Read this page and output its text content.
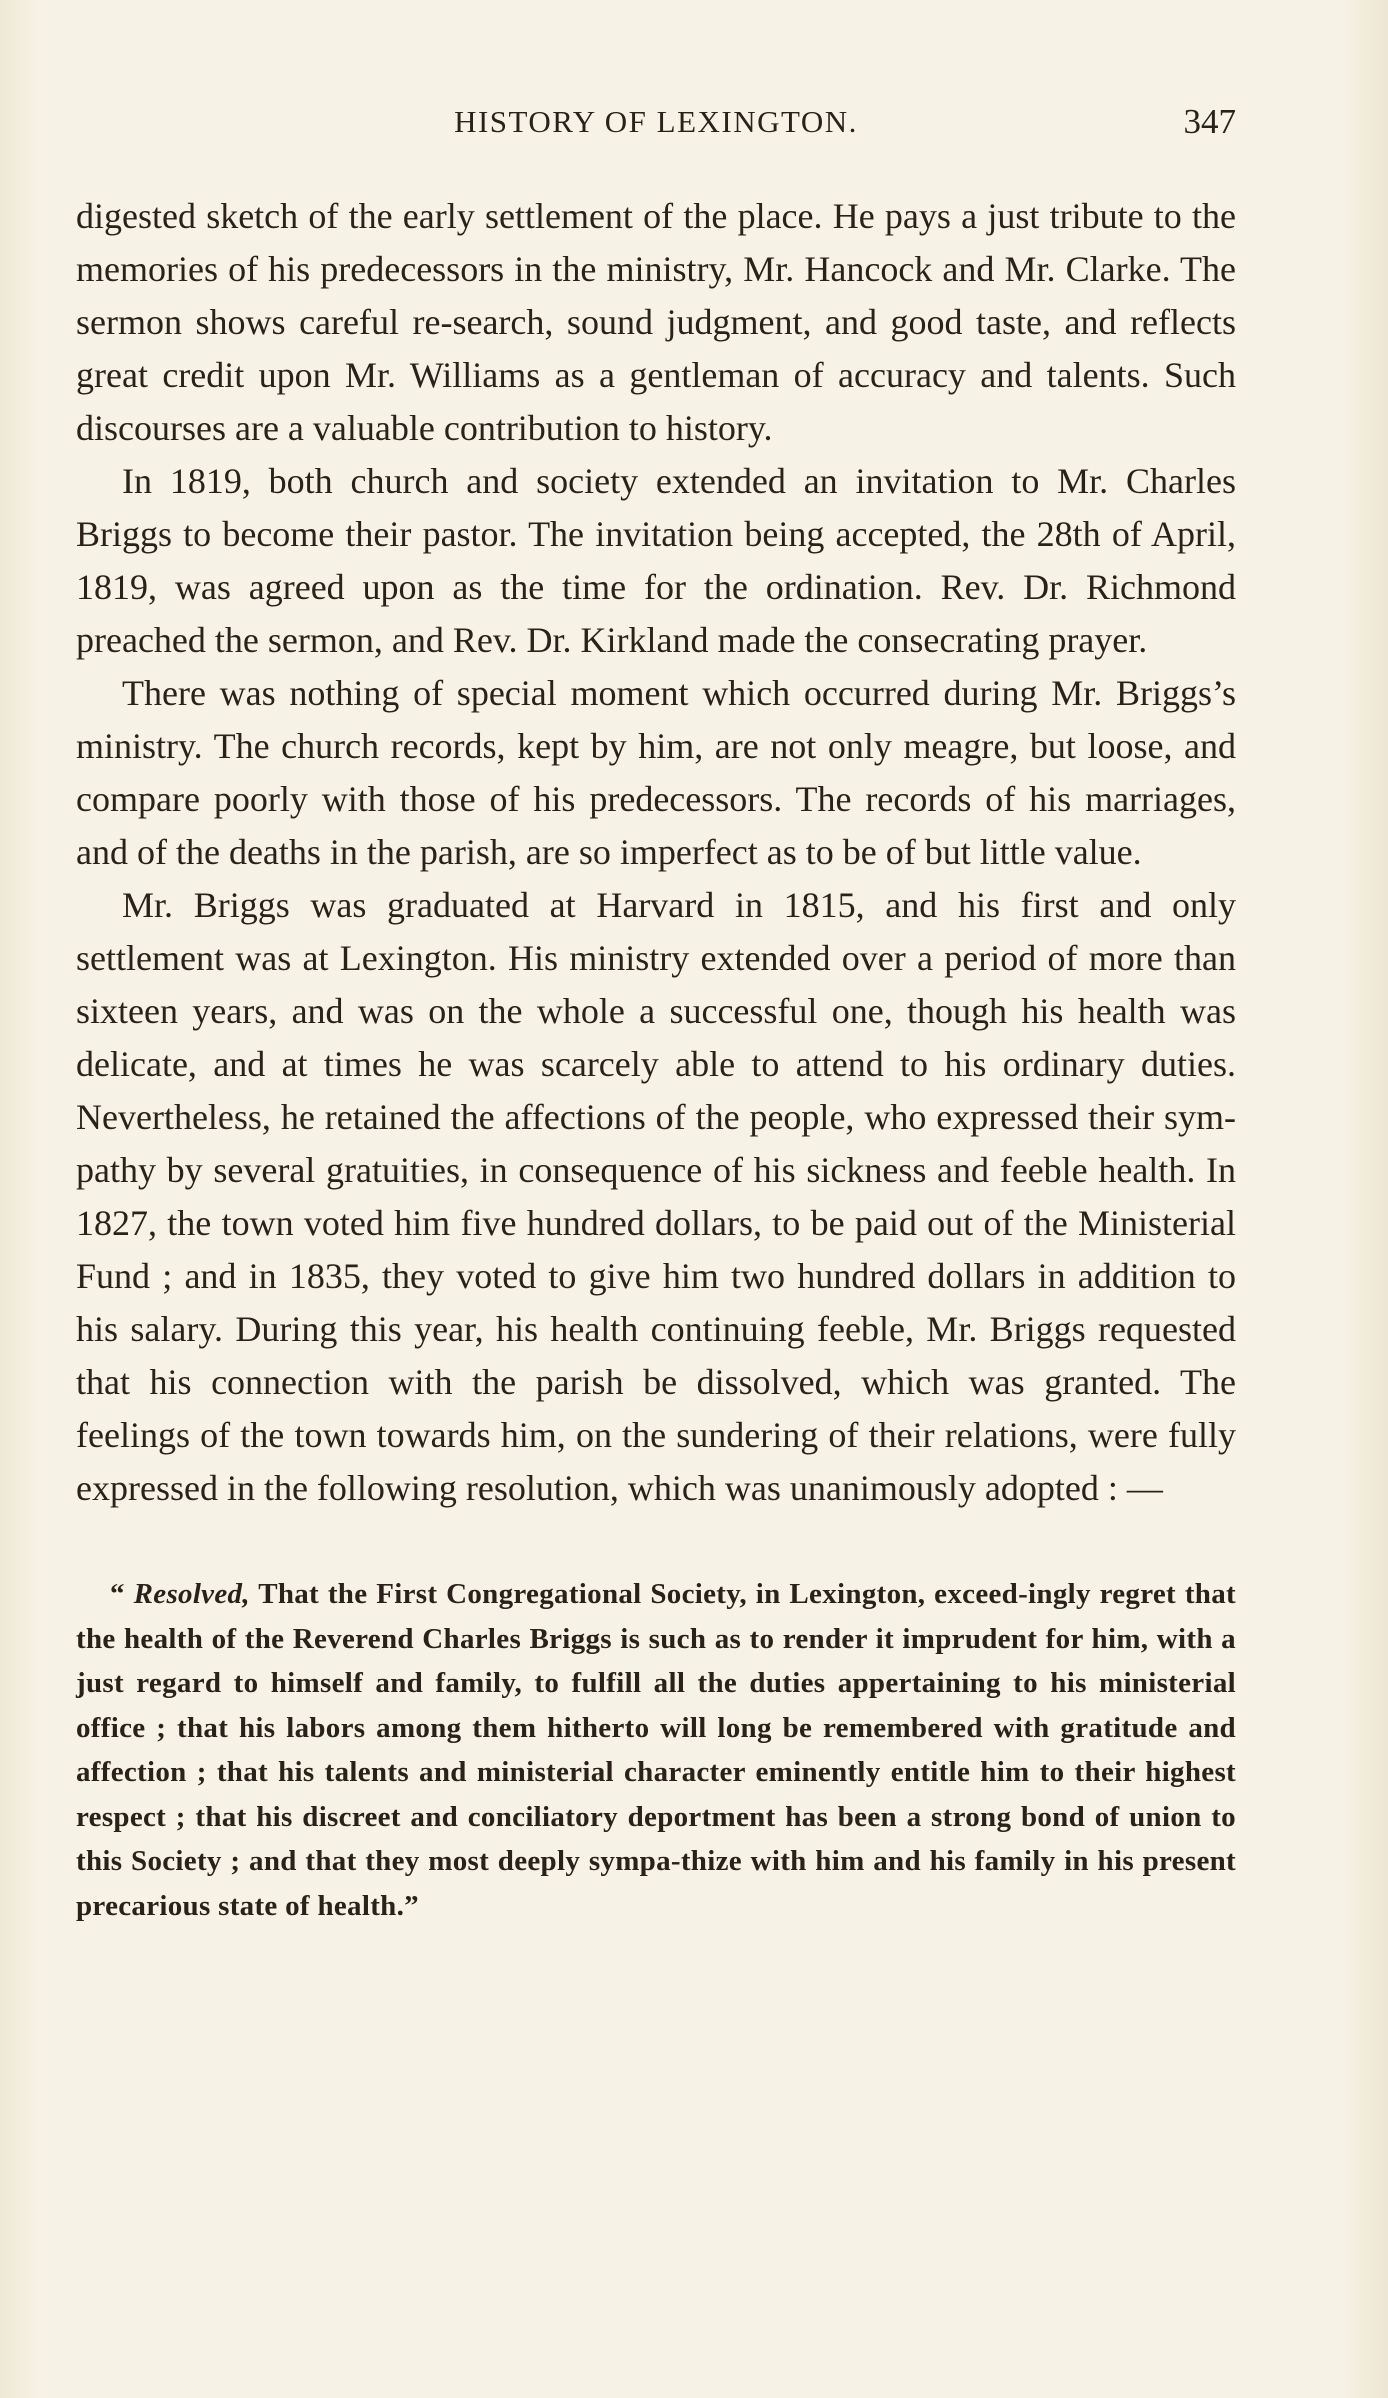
HISTORY OF LEXINGTON.	347

digested sketch of the early settlement of the place. He pays a just tribute to the memories of his predecessors in the ministry, Mr. Hancock and Mr. Clarke. The sermon shows careful re-search, sound judgment, and good taste, and reflects great credit upon Mr. Williams as a gentleman of accuracy and talents. Such discourses are a valuable contribution to history.

In 1819, both church and society extended an invitation to Mr. Charles Briggs to become their pastor. The invitation being accepted, the 28th of April, 1819, was agreed upon as the time for the ordination. Rev. Dr. Richmond preached the sermon, and Rev. Dr. Kirkland made the consecrating prayer.

There was nothing of special moment which occurred during Mr. Briggs’s ministry. The church records, kept by him, are not only meagre, but loose, and compare poorly with those of his predecessors. The records of his marriages, and of the deaths in the parish, are so imperfect as to be of but little value.

Mr. Briggs was graduated at Harvard in 1815, and his first and only settlement was at Lexington. His ministry extended over a period of more than sixteen years, and was on the whole a successful one, though his health was delicate, and at times he was scarcely able to attend to his ordinary duties. Nevertheless, he retained the affections of the people, who expressed their sym-pathy by several gratuities, in consequence of his sickness and feeble health. In 1827, the town voted him five hundred dollars, to be paid out of the Ministerial Fund ; and in 1835, they voted to give him two hundred dollars in addition to his salary. During this year, his health continuing feeble, Mr. Briggs requested that his connection with the parish be dissolved, which was granted. The feelings of the town towards him, on the sundering of their relations, were fully expressed in the following resolution, which was unanimously adopted : —

“ Resolved, That the First Congregational Society, in Lexington, exceed-ingly regret that the health of the Reverend Charles Briggs is such as to render it imprudent for him, with a just regard to himself and family, to fulfill all the duties appertaining to his ministerial office ; that his labors among them hitherto will long be remembered with gratitude and affection ; that his talents and ministerial character eminently entitle him to their highest respect ; that his discreet and conciliatory deportment has been a strong bond of union to this Society ; and that they most deeply sympa-thize with him and his family in his present precarious state of health.”
